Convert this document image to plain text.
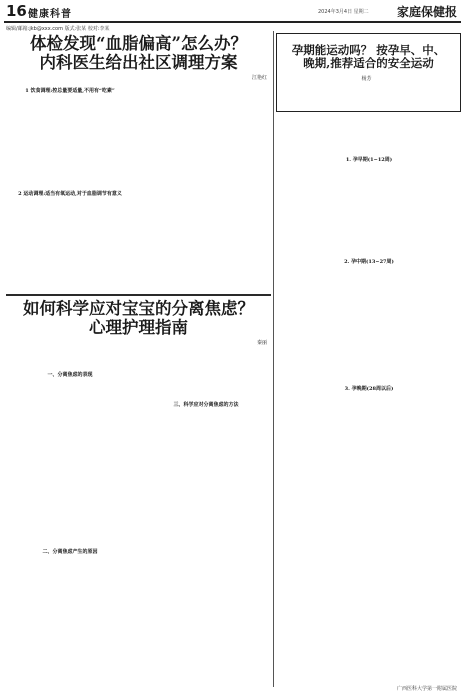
16 健康科普	2024年3月4日 星期二 家庭保健报
编辑/邮箱:jkb@xxx.com 版式:张某 校对:李某
体检发现“血脂偏高”怎么办？
内科医生给出社区调理方案
江艳红
1 饮食调理:控总量要适量,不用有“吃素”
2 运动调理:适当有氧运动,对于血脂调节有意义
如何科学应对宝宝的分离焦虑？
心理护理指南
秦丽
一、分离焦虑的表现
二、分离焦虑产生的原因
三、科学应对分离焦虑的方法
孕期能运动吗？ 按孕早、中、
晚期,推荐适合的安全运动
杨芳
1. 孕早期(1~12周)
2. 孕中期(13~27周)
3. 孕晚期(28周以后)
广西医科大学第一附属医院
